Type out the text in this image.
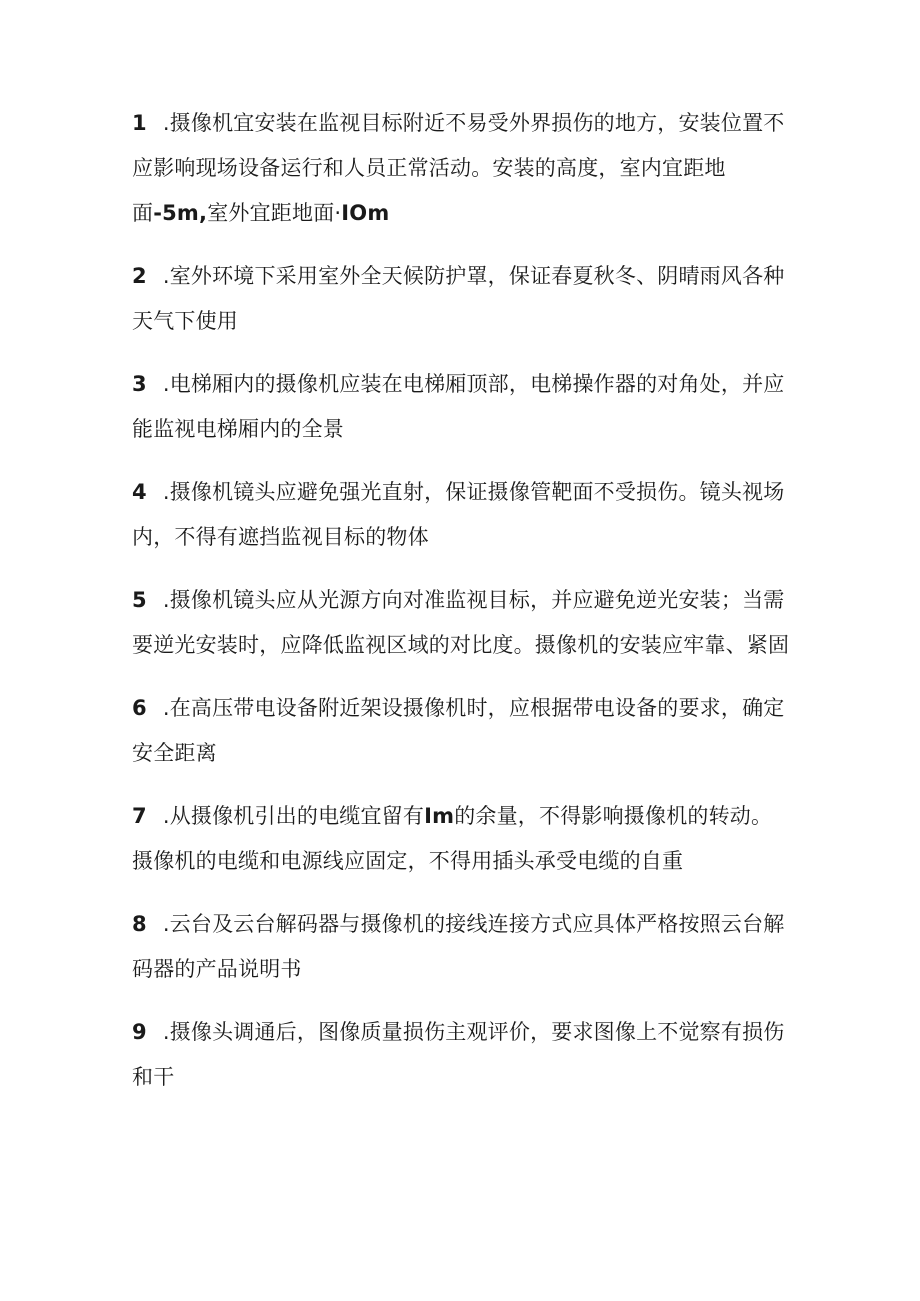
1 .摄像机宜安装在监视目标附近不易受外界损伤的地方，安装位置不应影响现场设备运行和人员正常活动。安装的高度，室内宜距地面-5m,室外宜距地面·IOm
2 .室外环境下采用室外全天候防护罩，保证春夏秋冬、阴晴雨风各种天气下使用
3 .电梯厢内的摄像机应装在电梯厢顶部，电梯操作器的对角处，并应能监视电梯厢内的全景
4 .摄像机镜头应避免强光直射，保证摄像管靶面不受损伤。镜头视场内，不得有遮挡监视目标的物体
5 .摄像机镜头应从光源方向对准监视目标，并应避免逆光安装；当需要逆光安装时，应降低监视区域的对比度。摄像机的安装应牢靠、紧固
6 .在高压带电设备附近架设摄像机时，应根据带电设备的要求，确定安全距离
7 .从摄像机引出的电缆宜留有Im的余量，不得影响摄像机的转动。摄像机的电缆和电源线应固定，不得用插头承受电缆的自重
8 .云台及云台解码器与摄像机的接线连接方式应具体严格按照云台解码器的产品说明书
9 .摄像头调通后，图像质量损伤主观评价，要求图像上不觉察有损伤和干
